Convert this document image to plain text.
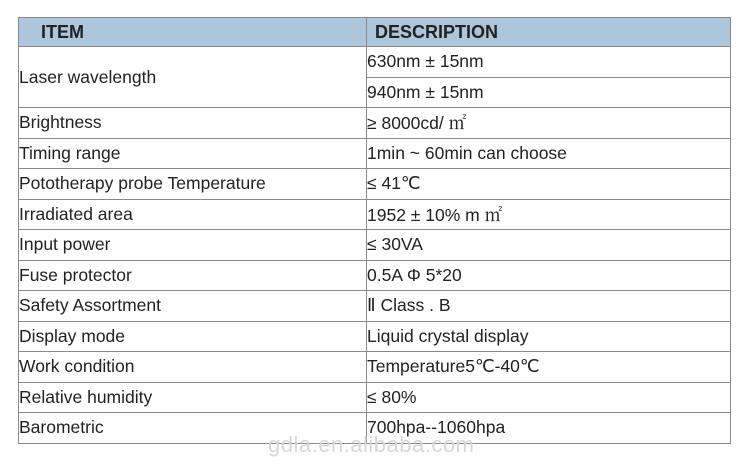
ITEM	DESCRIPTION
Laser wavelength	630nm ± 15nm
	940nm ± 15nm
Brightness	≥ 8000cd/ ㎡
Timing range	1min ~ 60min can choose
Pototherapy probe Temperature	≤ 41℃
Irradiated area	1952 ± 10% m ㎡
Input power	≤ 30VA
Fuse protector	0.5A Φ 5*20
Safety Assortment	Ⅱ Class . B
Display mode	Liquid crystal display
Work condition	Temperature5℃-40℃
Relative humidity	≤ 80%
Barometric	700hpa--1060hpa
gdla.en.alibaba.com
